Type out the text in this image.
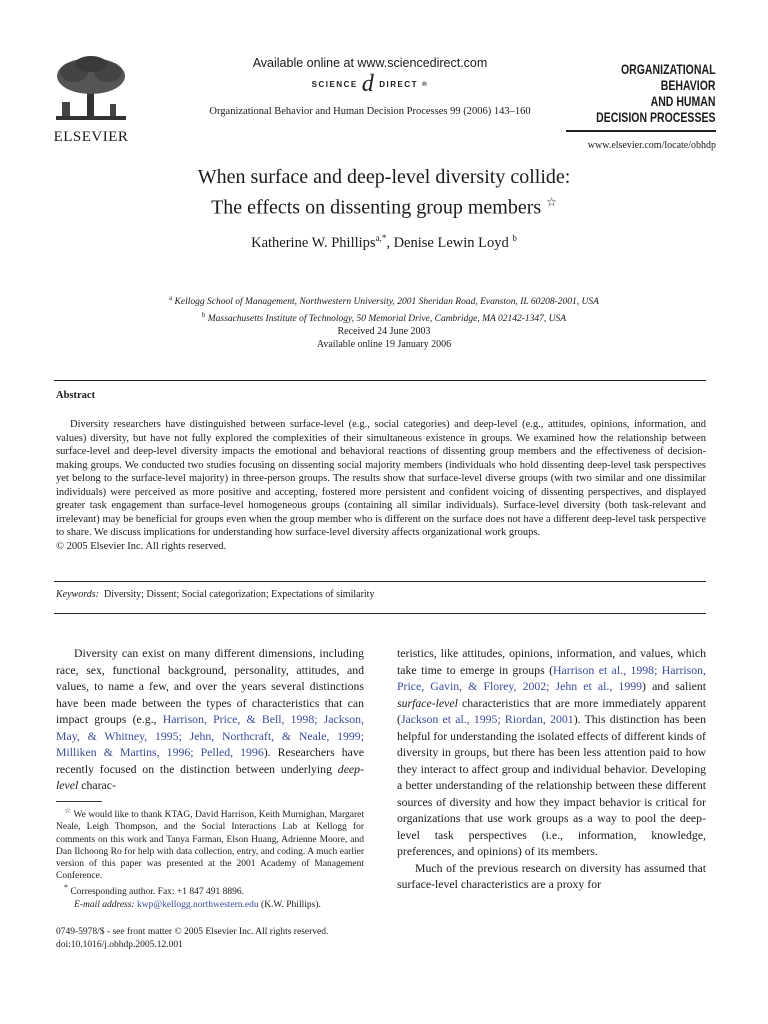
ELSEVIER
Available online at www.sciencedirect.com
SCIENCE d DIRECT ®
Organizational Behavior and Human Decision Processes 99 (2006) 143–160
ORGANIZATIONAL
BEHAVIOR
AND HUMAN
DECISION PROCESSES
www.elsevier.com/locate/obhdp
When surface and deep-level diversity collide:
The effects on dissenting group members ☆
Katherine W. Phillips$^{a,*}$, Denise Lewin Loyd $^b$
$^a$ Kellogg School of Management, Northwestern University, 2001 Sheridan Road, Evanston, IL 60208-2001, USA
$^b$ Massachusetts Institute of Technology, 50 Memorial Drive, Cambridge, MA 02142-1347, USA
Received 24 June 2003
Available online 19 January 2006
Abstract

Diversity researchers have distinguished between surface-level (e.g., social categories) and deep-level (e.g., attitudes, opinions, information, and values) diversity, but have not fully explored the complexities of their simultaneous existence in groups. We examined how the relationship between surface-level and deep-level diversity impacts the emotional and behavioral reactions of dissenting group members and the effectiveness of decision-making groups. We conducted two studies focusing on dissenting social majority members (individuals who hold dissenting deep-level task perspectives yet belong to the surface-level majority) in three-person groups. The results show that surface-level diverse groups (with two similar and one dissimilar individuals) were perceived as more positive and accepting, fostered more persistent and confident voicing of dissenting perspectives, and displayed greater task engagement than surface-level homogeneous groups (containing all similar individuals). Surface-level diversity (both task-relevant and irrelevant) may be beneficial for groups even when the group member who is different on the surface does not have a different deep-level task perspective to share. We discuss implications for understanding how surface-level diversity affects organizational work groups.

© 2005 Elsevier Inc. All rights reserved.

Keywords: Diversity; Dissent; Social categorization; Expectations of similarity

Diversity can exist on many different dimensions, including race, sex, functional background, personality, attitudes, and values, to name a few, and over the years several distinctions have been made between the types of characteristics that can impact groups (e.g., Harrison, Price, & Bell, 1998; Jackson, May, & Whitney, 1995; Jehn, Northcraft, & Neale, 1999; Milliken & Martins, 1996; Pelled, 1996). Researchers have recently focused on the distinction between underlying deep-level charac-

teristics, like attitudes, opinions, information, and values, which take time to emerge in groups (Harrison et al., 1998; Harrison, Price, Gavin, & Florey, 2002; Jehn et al., 1999) and salient surface-level characteristics that are more immediately apparent (Jackson et al., 1995; Riordan, 2001). This distinction has been helpful for understanding the isolated effects of different kinds of diversity in groups, but there has been less attention paid to how they interact to affect group and individual behavior. Developing a better understanding of the relationship between these different sources of diversity and how they impact behavior is critical for organizations that use work groups as a way to pool the deep-level task perspectives (i.e., information, knowledge, preferences, and opinions) of its members.

Much of the previous research on diversity has assumed that surface-level characteristics are a proxy for

☆ We would like to thank KTAG, David Harrison, Keith Murnighan, Margaret Neale, Leigh Thompson, and the Social Interactions Lab at Kellogg for comments on this work and Tanya Farman, Elson Huang, Adrienne Moore, and Dan Ilchoong Ro for help with data collection, entry, and coding. A much earlier version of this paper was presented at the 2001 Academy of Management Conference.

* Corresponding author. Fax: +1 847 491 8896.

E-mail address: kwp@kellogg.northwestern.edu (K.W. Phillips).

0749-5978/$ - see front matter © 2005 Elsevier Inc. All rights reserved.
doi:10.1016/j.obhdp.2005.12.001
